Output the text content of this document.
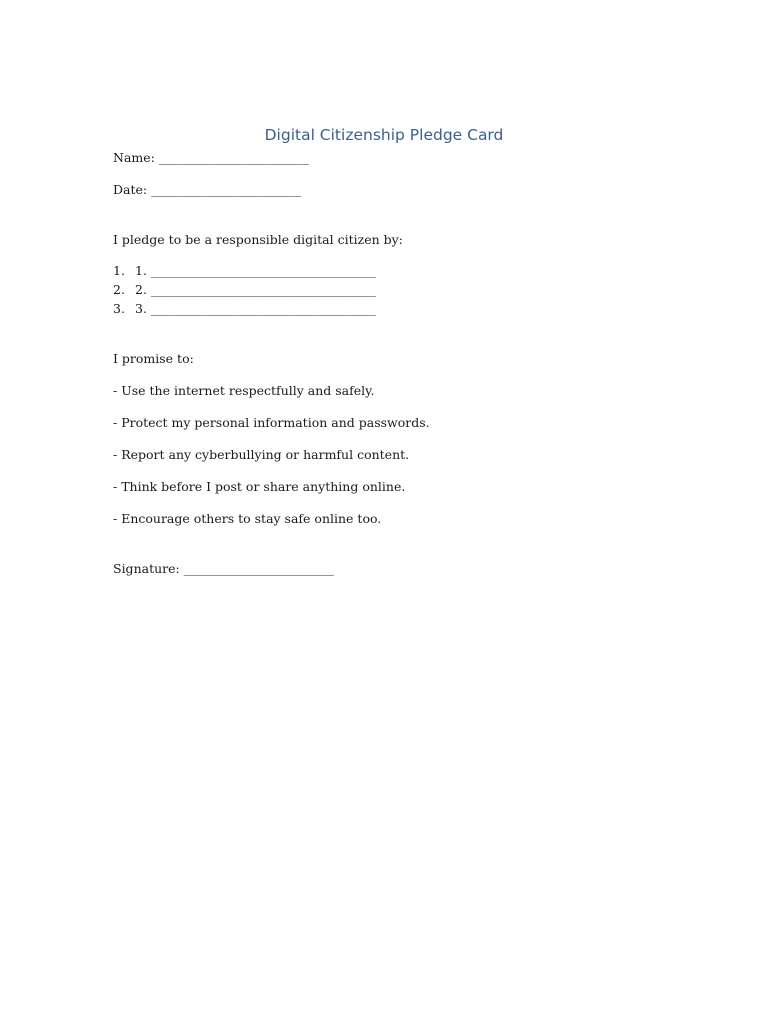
Digital Citizenship Pledge Card
Name: ________________________
Date: ________________________
I pledge to be a responsible digital citizen by:
1. 1. ____________________________________
2. 2. ____________________________________
3. 3. ____________________________________
I promise to:
- Use the internet respectfully and safely.
- Protect my personal information and passwords.
- Report any cyberbullying or harmful content.
- Think before I post or share anything online.
- Encourage others to stay safe online too.
Signature: ________________________
